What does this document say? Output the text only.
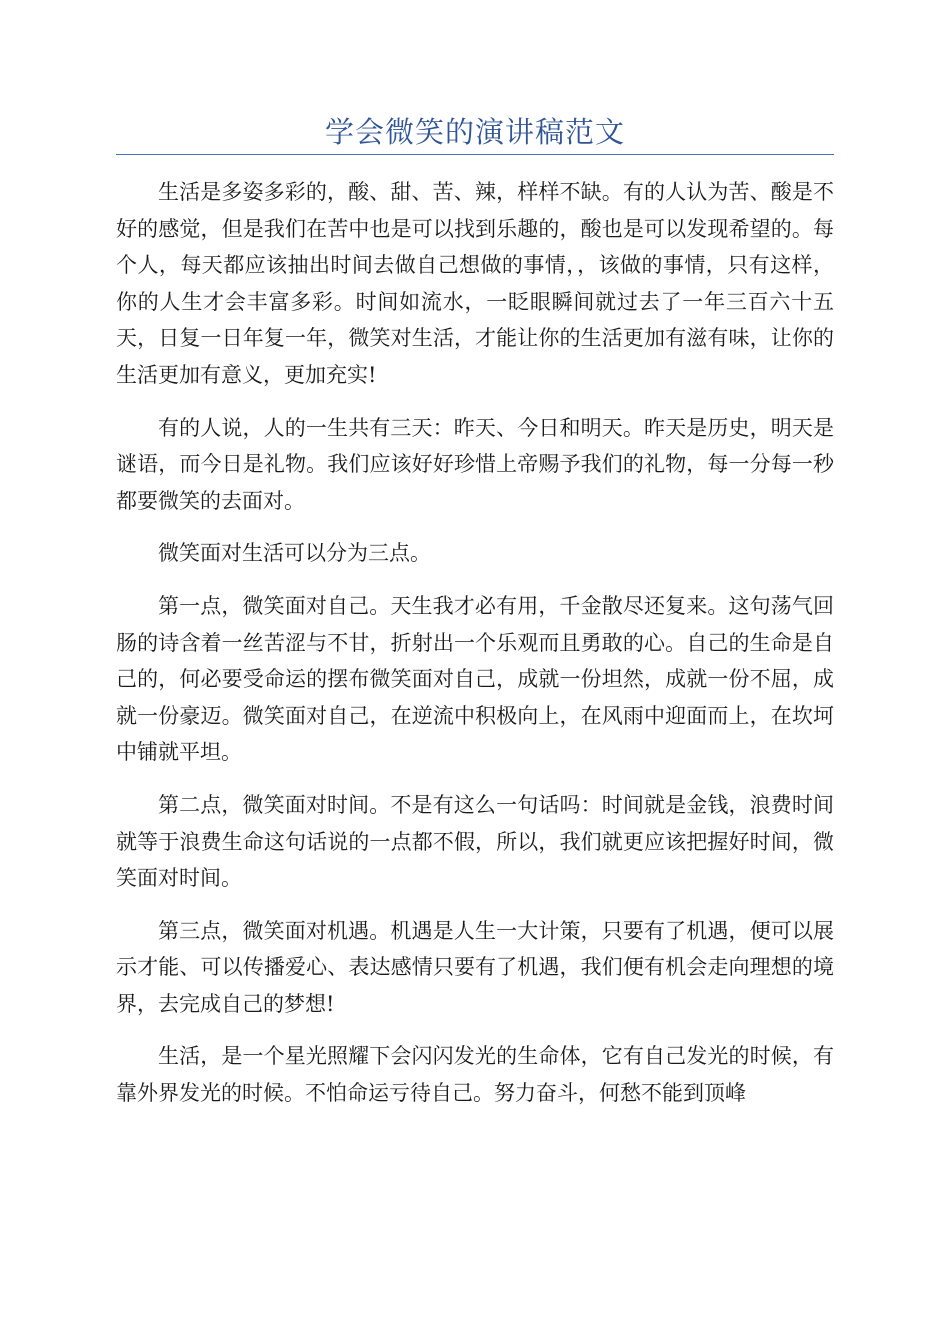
学会微笑的演讲稿范文

生活是多姿多彩的，酸、甜、苦、辣，样样不缺。有的人认为苦、酸是不好的感觉，但是我们在苦中也是可以找到乐趣的，酸也是可以发现希望的。每个人，每天都应该抽出时间去做自己想做的事情，，该做的事情，只有这样，你的人生才会丰富多彩。时间如流水，一眨眼瞬间就过去了一年三百六十五天，日复一日年复一年，微笑对生活，才能让你的生活更加有滋有味，让你的生活更加有意义，更加充实!

有的人说，人的一生共有三天：昨天、今日和明天。昨天是历史，明天是谜语，而今日是礼物。我们应该好好珍惜上帝赐予我们的礼物，每一分每一秒都要微笑的去面对。

微笑面对生活可以分为三点。

第一点，微笑面对自己。天生我才必有用，千金散尽还复来。这句荡气回肠的诗含着一丝苦涩与不甘，折射出一个乐观而且勇敢的心。自己的生命是自己的，何必要受命运的摆布微笑面对自己，成就一份坦然，成就一份不屈，成就一份豪迈。微笑面对自己，在逆流中积极向上，在风雨中迎面而上，在坎坷中铺就平坦。

第二点，微笑面对时间。不是有这么一句话吗：时间就是金钱，浪费时间就等于浪费生命这句话说的一点都不假，所以，我们就更应该把握好时间，微笑面对时间。

第三点，微笑面对机遇。机遇是人生一大计策，只要有了机遇，便可以展示才能、可以传播爱心、表达感情只要有了机遇，我们便有机会走向理想的境界，去完成自己的梦想!

生活，是一个星光照耀下会闪闪发光的生命体，它有自己发光的时候，有靠外界发光的时候。不怕命运亏待自己。努力奋斗，何愁不能到顶峰
